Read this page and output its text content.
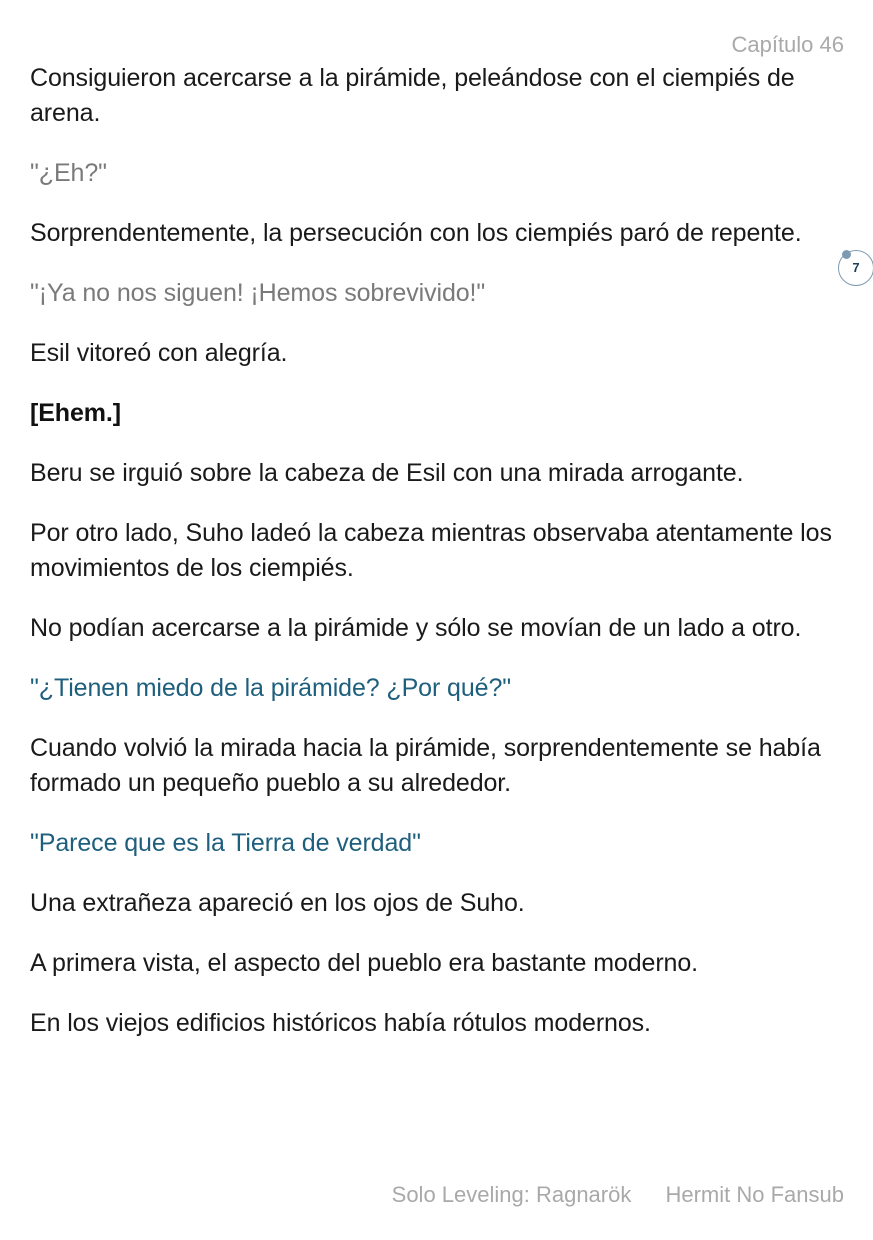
Capítulo 46
7

Consiguieron acercarse a la pirámide, peleándose con el ciempiés de arena.

"¿Eh?"

Sorprendentemente, la persecución con los ciempiés paró de repente.

"¡Ya no nos siguen! ¡Hemos sobrevivido!"

Esil vitoreó con alegría.

[Ehem.]

Beru se irguió sobre la cabeza de Esil con una mirada arrogante.

Por otro lado, Suho ladeó la cabeza mientras observaba atentamente los movimientos de los ciempiés.

No podían acercarse a la pirámide y sólo se movían de un lado a otro.

"¿Tienen miedo de la pirámide? ¿Por qué?"

Cuando volvió la mirada hacia la pirámide, sorprendentemente se había formado un pequeño pueblo a su alrededor.

"Parece que es la Tierra de verdad"

Una extrañeza apareció en los ojos de Suho.

A primera vista, el aspecto del pueblo era bastante moderno.

En los viejos edificios históricos había rótulos modernos.

Solo Leveling: Ragnarök Hermit No Fansub
